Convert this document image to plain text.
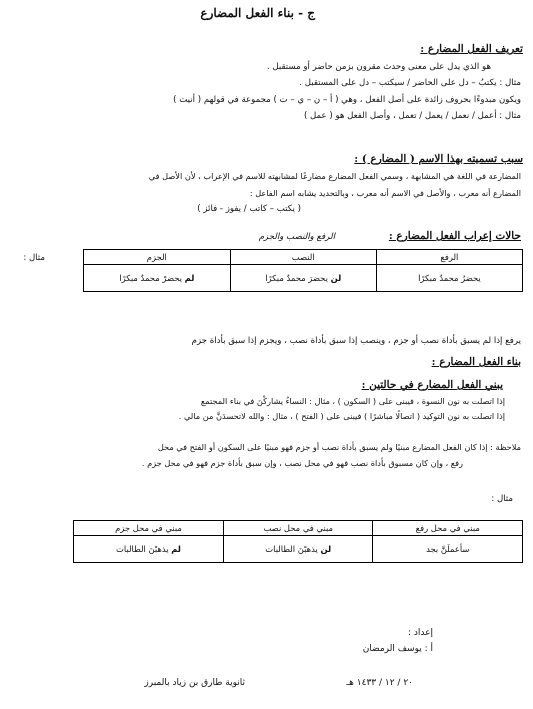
ج - بناء الفعل المضارع
تعريف الفعل المضارع :
هو الذي يدل على معنى وحدث مقرون بزمن حاضر أو مستقبل .
مثال : يكتبُ – دل على الحاضر / سيكتب – دل على المستقبل .
ويكون مبدوءًا بحروف زائدة على أصل الفعل ، وهي ( أ – ن – ي – ت ) مجموعة في قولهم ( أنيت )
مثال : أعمل / نعمل / يعمل / تعمل ، وأصل الفعل هو ( عمل )
سبب تسميته بهذا الاسم ( المضارع ) :
المضارعة في اللغة هي المشابهة ، وسمي الفعل المضارع مضارعًا لمشابهته للاسم في الإعراب ، لأن الأصل في
المضارع أنه معرب ، والأصل في الاسم أنه معرب ، وبالتحديد يشابه اسم الفاعل :
( يكتب – كاتب / يفوز - فائز )
حالات إعراب الفعل المضارع :
الرفع والنصب والجزم
مثال :	الرفع	النصب	الجزم
يحضرُ محمدٌ مبكرًا	لن يحضرَ محمدٌ مبكرًا	لم يحضرْ محمدٌ مبكرًا
يرفع إذا لم يسبق بأداة نصب أو جزم ، وينصب إذا سبق بأداة نصب ، ويجزم إذا سبق بأداة جزم
بناء الفعل المضارع :
يبني الفعل المضارع في حالتين :
إذا اتصلت به نون النسوة ، فيبنى على ( السكون ) ، مثال : النساءُ يشاركْنَ في بناء المجتمع
إذا اتصلت به نون التوكيد ( اتصالًا مباشرًا ) فيبنى على ( الفتح ) ، مثال : والله لاتحسدَنَّ من مالي .
ملاحظة : إذا كان الفعل المضارع مبنيًا ولم يسبق بأداة نصب أو جزم فهو مبنيًا على السكون أو الفتح في محل
رفع ، وإن كان مسبوق بأداة نصب فهو في محل نصب ، وإن سبق بأداة جزم فهو في محل جزم .
مثال :
مبني في محل رفع	مبني في محل نصب	مبني في محل جزم
سأعملَنَّ بجد	لن يذهبْنَ الطالبات	لم يذهبْنَ الطالبات
إعداد :
أ : يوسف الرمضان
٢٠ / ١٢ / ١٤٣٣ هـ
ثانوية طارق بن زياد بالمبرز
